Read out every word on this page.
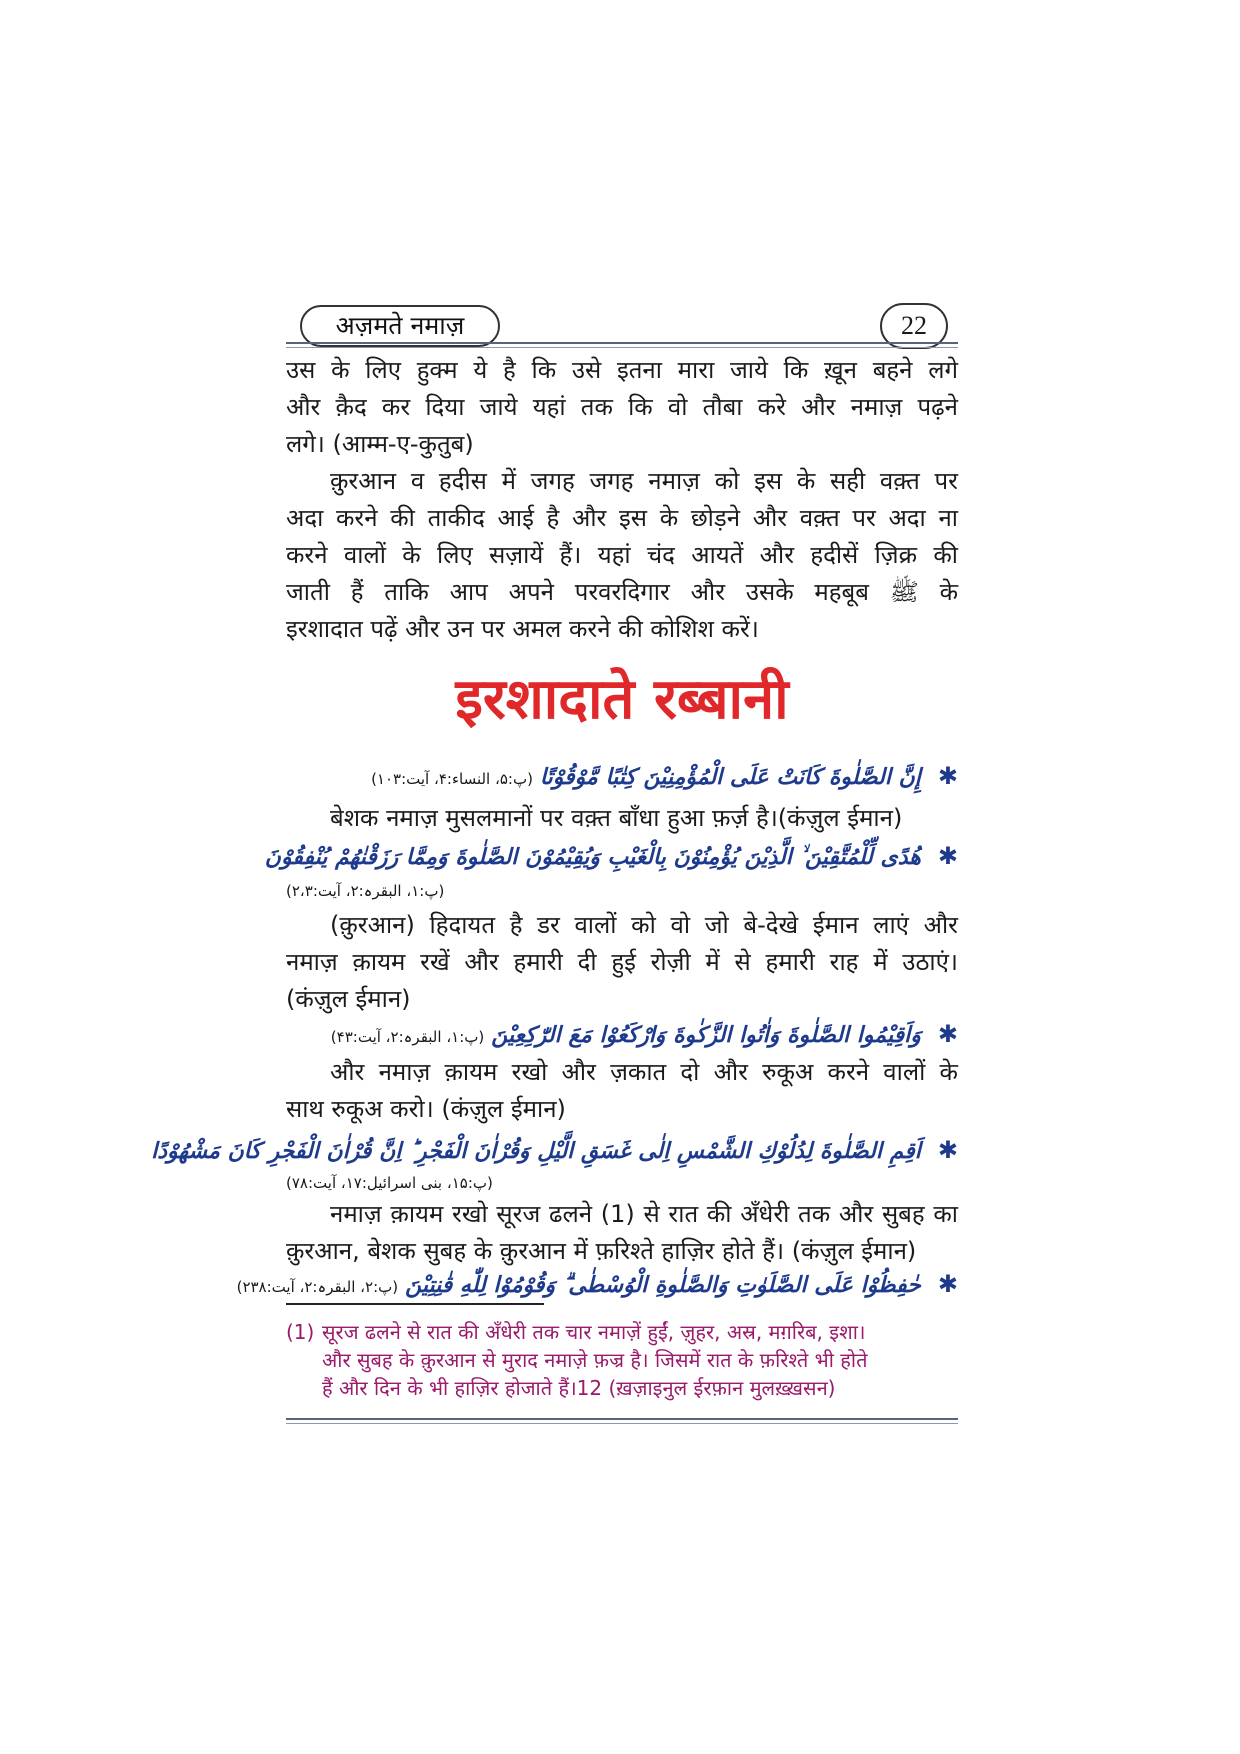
अज़मते नमाज़	22

उस के लिए हुक्म ये है कि उसे इतना मारा जाये कि ख़ून बहने लगे
और क़ैद कर दिया जाये यहां तक कि वो तौबा करे और नमाज़ पढ़ने
लगे। (आम्म-ए-कुतुब)

क़ुरआन व हदीस में जगह जगह नमाज़ को इस के सही वक़्त पर
अदा करने की ताकीद आई है और इस के छोड़ने और वक़्त पर अदा ना
करने वालों के लिए सज़ायें हैं। यहां चंद आयतें और हदीसें ज़िक्र की
जाती हैं ताकि आप अपने परवरदिगार और उसके महबूब ﷺ के
इरशादात पढ़ें और उन पर अमल करने की कोशिश करें।

इरशादाते रब्बानी
✱ إِنَّ الصَّلٰوةَ كَانَتْ عَلَى الْمُؤْمِنِيْنَ كِتٰبًا مَّوْقُوْتًا (پ:۵، النساء:۴، آیت:۱۰۳)

बेशक नमाज़ मुसलमानों पर वक़्त बाँधा हुआ फ़र्ज़ है।(कंज़ुल ईमान)

✱ هُدًى لِّلْمُتَّقِيْنَ ۙ الَّذِيْنَ يُؤْمِنُوْنَ بِالْغَيْبِ وَيُقِيْمُوْنَ الصَّلٰوةَ وَمِمَّا رَزَقْنٰهُمْ يُنْفِقُوْنَ
(پ:۱، البقرہ:۲، آیت:۲،۳)

(क़ुरआन) हिदायत है डर वालों को वो जो बे-देखे ईमान लाएं और
नमाज़ क़ायम रखें और हमारी दी हुई रोज़ी में से हमारी राह में उठाएं।
(कंज़ुल ईमान)

✱ وَاَقِيْمُوا الصَّلٰوةَ وَاٰتُوا الزَّكٰوةَ وَارْكَعُوْا مَعَ الرّٰكِعِيْنَ (پ:۱، البقرہ:۲، آیت:۴۳)

और नमाज़ क़ायम रखो और ज़कात दो और रुकूअ करने वालों के
साथ रुकूअ करो। (कंज़ुल ईमान)

✱ اَقِمِ الصَّلٰوةَ لِدُلُوْكِ الشَّمْسِ اِلٰى غَسَقِ الَّيْلِ وَقُرْاٰنَ الْفَجْرِ ؕ اِنَّ قُرْاٰنَ الْفَجْرِ كَانَ مَشْهُوْدًا
(پ:۱۵، بنی اسرائیل:۱۷، آیت:۷۸)

नमाज़ क़ायम रखो सूरज ढलने (1) से रात की अँधेरी तक और सुबह का
क़ुरआन, बेशक सुबह के क़ुरआन में फ़रिश्ते हाज़िर होते हैं। (कंज़ुल ईमान)

✱ حٰفِظُوْا عَلَى الصَّلَوٰتِ وَالصَّلٰوةِ الْوُسْطٰى ۗ وَقُوْمُوْا لِلّٰهِ قٰنِتِيْنَ (پ:۲، البقرہ:۲، آیت:۲۳۸)
(1) सूरज ढलने से रात की अँधेरी तक चार नमाज़ें हुईं, ज़ुहर, अस्र, मग़रिब, इशा।
और सुबह के क़ुरआन से मुराद नमाज़े फ़ज्र है। जिसमें रात के फ़रिश्ते भी होते
हैं और दिन के भी हाज़िर होजाते हैं।12 (ख़ज़ाइनुल ईरफ़ान मुलख़्ख़सन)
